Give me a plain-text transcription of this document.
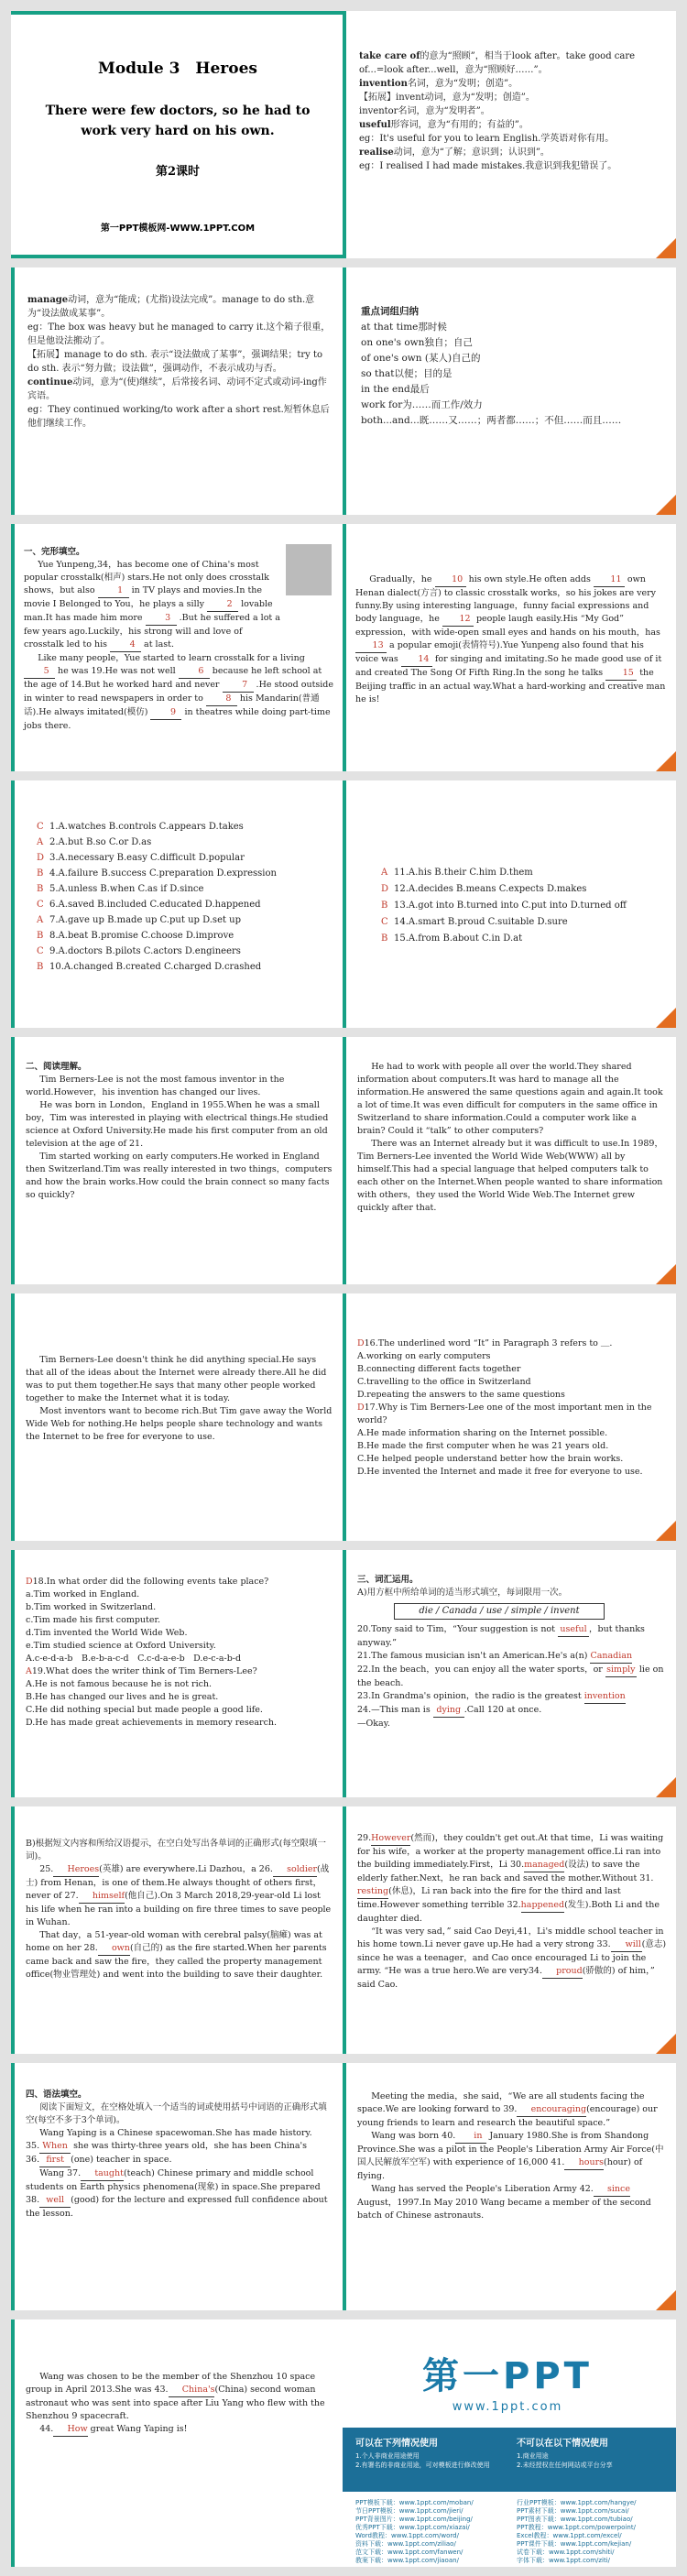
Module 3　Heroes
There were few doctors, so he had to work very hard on his own.
第2课时
第一PPT模板网-WWW.1PPT.COM
take care of的意为“照顾”，相当于look after。take good care of...=look after...well，意为“照顾好……”。
invention名词，意为“发明；创造”。
【拓展】invent动词，意为“发明；创造”。
inventor名词，意为“发明者”。
useful形容词，意为“有用的；有益的”。
eg：It's useful for you to learn English.学英语对你有用。
realise动词，意为“了解；意识到；认识到”。
eg：I realised I had made mistakes.我意识到我犯错误了。
manage动词，意为“能成；(尤指)设法完成”。manage to do sth.意为“设法做成某事”。
eg：The box was heavy but he managed to carry it.这个箱子很重，但是他设法搬动了。
【拓展】manage to do sth. 表示“设法做成了某事”，强调结果；try to do sth. 表示“努力做；设法做”，强调动作，不表示成功与否。
continue动词，意为“(使)继续”，后常接名词、动词不定式或动词-ing作宾语。
eg：They continued working/to work after a short rest.短暂休息后他们继续工作。
重点词组归纳
at that time那时候
on one's own独自；自己
of one's own (某人)自己的
so that以便；目的是
in the end最后
work for为……而工作/效力
both...and...既……又……；两者都……；不但……而且……
一、完形填空。
Yue Yunpeng,34，has become one of China's most popular crosstalk(相声) stars.He not only does crosstalk shows，but also	1 in TV plays and movies.In the movie I Belonged to You，he plays a silly	2 lovable man.It has made him more	3 .But he suffered a lot a few years ago.Luckily，his strong will and love of crosstalk led to his	4 at last.
Like many people，Yue started to learn crosstalk for a living 5 he was 19.He was not well	6 because he left school at the age of 14.But he worked hard and never	7 .He stood outside in winter to read newspapers in order to	8 his Mandarin(普通话).He always imitated(模仿)	9 in theatres while doing part-time jobs there.
Gradually，he 10 his own style.He often adds 11 own Henan dialect(方言) to classic crosstalk works，so his jokes are very funny.By using interesting language，funny facial expressions and body language，he 12 people laugh easily.His “My God” expression，with wide-open small eyes and hands on his mouth，has 13 a popular emoji(表情符号).Yue Yunpeng also found that his voice was 14 for singing and imitating.So he made good use of it and created The Song Of Fifth Ring.In the song he talks 15 the Beijing traffic in an actual way.What a hard-working and creative man he is!
C 1.A.watches B.controls C.appears D.takes
A 2.A.but B.so C.or D.as
D 3.A.necessary B.easy C.difficult D.popular
B 4.A.failure B.success C.preparation D.expression
B 5.A.unless B.when C.as if D.since
C 6.A.saved B.included C.educated D.happened
A 7.A.gave up B.made up C.put up D.set up
B 8.A.beat B.promise C.choose D.improve
C 9.A.doctors B.pilots C.actors D.engineers
B 10.A.changed B.created C.charged D.crashed
A 11.A.his B.their C.him D.them
D 12.A.decides B.means C.expects D.makes
B 13.A.got into B.turned into C.put into D.turned off
C 14.A.smart B.proud C.suitable D.sure
B 15.A.from B.about C.in D.at
二、阅读理解。
Tim Berners-Lee is not the most famous inventor in the world.However，his invention has changed our lives.
He was born in London，England in 1955.When he was a small boy，Tim was interested in playing with electrical things.He studied science at Oxford University.He made his first computer from an old television at the age of 21.
Tim started working on early computers.He worked in England then Switzerland.Tim was really interested in two things，computers and how the brain works.How could the brain connect so many facts so quickly?
He had to work with people all over the world.They shared information about computers.It was hard to manage all the information.He answered the same questions again and again.It took a lot of time.It was even difficult for computers in the same office in Switzerland to share information.Could a computer work like a brain? Could it “talk” to other computers?
There was an Internet already but it was difficult to use.In 1989，Tim Berners-Lee invented the World Wide Web(WWW) all by himself.This had a special language that helped computers talk to each other on the Internet.When people wanted to share information with others，they used the World Wide Web.The Internet grew quickly after that.
Tim Berners-Lee doesn't think he did anything special.He says that all of the ideas about the Internet were already there.All he did was to put them together.He says that many other people worked together to make the Internet what it is today.
Most inventors want to become rich.But Tim gave away the World Wide Web for nothing.He helps people share technology and wants the Internet to be free for everyone to use.
D16.The underlined word “It” in Paragraph 3 refers to ＿.
A.working on early computers
B.connecting different facts together
C.travelling to the office in Switzerland
D.repeating the answers to the same questions
D17.Why is Tim Berners-Lee one of the most important men in the world?
A.He made information sharing on the Internet possible.
B.He made the first computer when he was 21 years old.
C.He helped people understand better how the brain works.
D.He invented the Internet and made it free for everyone to use.
D18.In what order did the following events take place?
a.Tim worked in England.
b.Tim worked in Switzerland.
c.Tim made his first computer.
d.Tim invented the World Wide Web.
e.Tim studied science at Oxford University.
A.c-e-d-a-b　B.e-b-a-c-d　C.c-d-a-e-b　D.e-c-a-b-d
A19.What does the writer think of Tim Berners-Lee?
A.He is not famous because he is not rich.
B.He has changed our lives and he is great.
C.He did nothing special but made people a good life.
D.He has made great achievements in memory research.
三、词汇运用。
A)用方框中所给单词的适当形式填空，每词限用一次。
die / Canada / use / simple / invent
20.Tony said to Tim，“Your suggestion is not useful ，but thanks anyway.”
21.The famous musician isn't an American.He's a(n) Canadian
22.In the beach，you can enjoy all the water sports，or simply lie on the beach.
23.In Grandma's opinion，the radio is the greatest invention
24.—This man is dying .Call 120 at once.
—Okay.
B)根据短文内容和所给汉语提示，在空白处写出各单词的正确形式(每空限填一词)。
25. Heroes(英雄) are everywhere.Li Dazhou，a 26. soldier(战士) from Henan，is one of them.He always thought of others first，never of 27. himself(他自己).On 3 March 2018,29-year-old Li lost his life when he ran into a building on fire three times to save people in Wuhan.
That day，a 51-year-old woman with cerebral palsy(脑瘫) was at home on her 28. own(自己的) as the fire started.When her parents came back and saw the fire，they called the property management office(物业管理处) and went into the building to save their daughter.
29.However(然而)，they couldn't get out.At that time，Li was waiting for his wife，a worker at the property management office.Li ran into the building immediately.First，Li 30.managed(设法) to save the elderly father.Next，he ran back and saved the mother.Without 31.resting(休息)，Li ran back into the fire for the third and last time.However something terrible 32.happened(发生).Both Li and the daughter died.
“It was very sad，” said Cao Deyi,41，Li's middle school teacher in his home town.Li never gave up.He had a very strong 33. will(意志) since he was a teenager，and Cao once encouraged Li to join the army. “He was a true hero.We are very34. proud(骄傲的) of him，” said Cao.
四、语法填空。
阅读下面短文，在空格处填入一个适当的词或使用括号中词语的正确形式填空(每空不多于3个单词)。
Wang Yaping is a Chinese spacewoman.She has made history.
35. When she was thirty-three years old，she has been China's
36. first (one) teacher in space.
Wang 37. taught(teach) Chinese primary and middle school students on Earth physics phenomena(现象) in space.She prepared
38. well (good) for the lecture and expressed full confidence about the lesson.
Meeting the media，she said，“We are all students facing the space.We are looking forward to 39. encouraging(encourage) our young friends to learn and research the beautiful space.”
Wang was born 40. in January 1980.She is from Shandong Province.She was a pilot in the People's Liberation Army Air Force(中国人民解放军空军) with experience of 16,000 41. hours(hour) of flying.
Wang has served the People's Liberation Army 42. since August，1997.In May 2010 Wang became a member of the second batch of Chinese astronauts.
Wang was chosen to be the member of the Shenzhou 10 space group in April 2013.She was 43. China's(China) second woman astronaut who was sent into space after Liu Yang who flew with the Shenzhou 9 spacecraft.
44. How great Wang Yaping is!
第一PPT
www.1ppt.com
可以在下列情况使用
1.个人非商业用途使用
2.有署名的非商业用途，可对模板进行修改使用
不可以在以下情况使用
1.商业用途
2.未经授权在任何网站或平台分享
PPT模板下载：www.1ppt.com/moban/
节日PPT模板：www.1ppt.com/jieri/
PPT背景图片：www.1ppt.com/beijing/
优秀PPT下载：www.1ppt.com/xiazai/
Word教程：www.1ppt.com/word/
资料下载：www.1ppt.com/ziliao/
范文下载：www.1ppt.com/fanwen/
教案下载：www.1ppt.com/jiaoan/
行业PPT模板：www.1ppt.com/hangye/
PPT素材下载：www.1ppt.com/sucai/
PPT图表下载：www.1ppt.com/tubiao/
PPT教程：www.1ppt.com/powerpoint/
Excel教程：www.1ppt.com/excel/
PPT课件下载：www.1ppt.com/kejian/
试卷下载：www.1ppt.com/shiti/
字体下载：www.1ppt.com/ziti/
